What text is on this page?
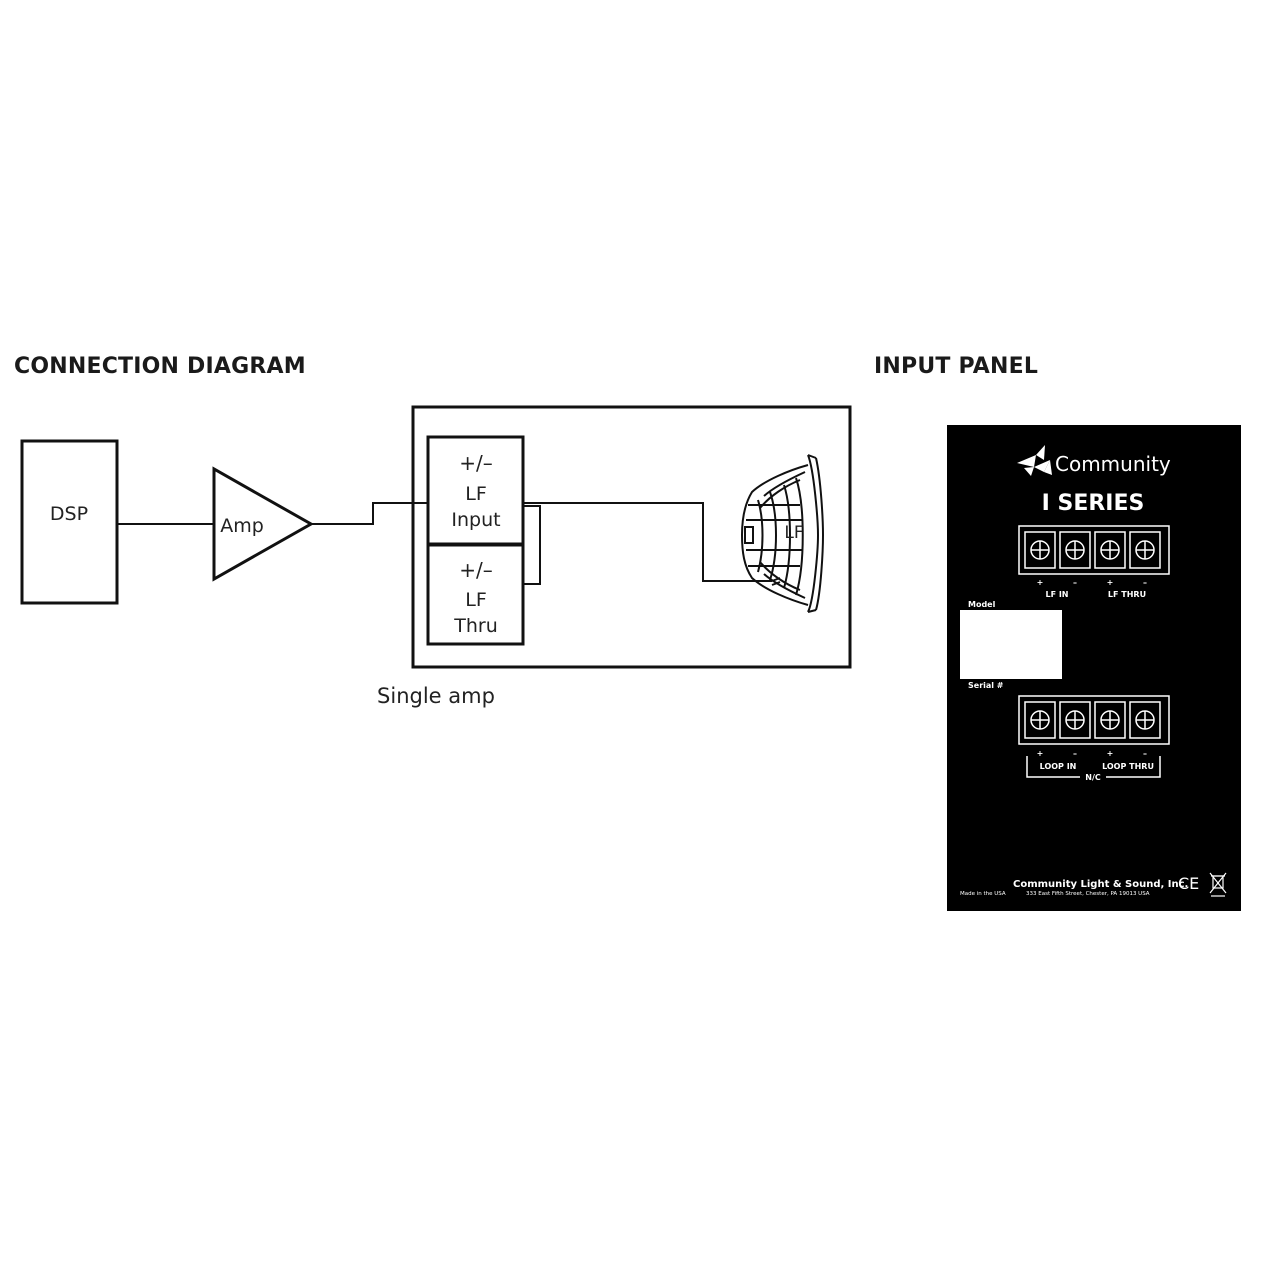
CONNECTION DIAGRAM	INPUT PANEL
DSP
Amp
+/–
LF
Input
+/–
LF
Thru
LF
Single amp
Community
I SERIES
+	–	+	–
LF IN	LF THRU
Model
Serial #
+	–	+	–
LOOP IN	LOOP THRU
N/C
Community Light & Sound, Inc.
Made in the USA	333 East Fifth Street, Chester, PA 19013 USA
CE
